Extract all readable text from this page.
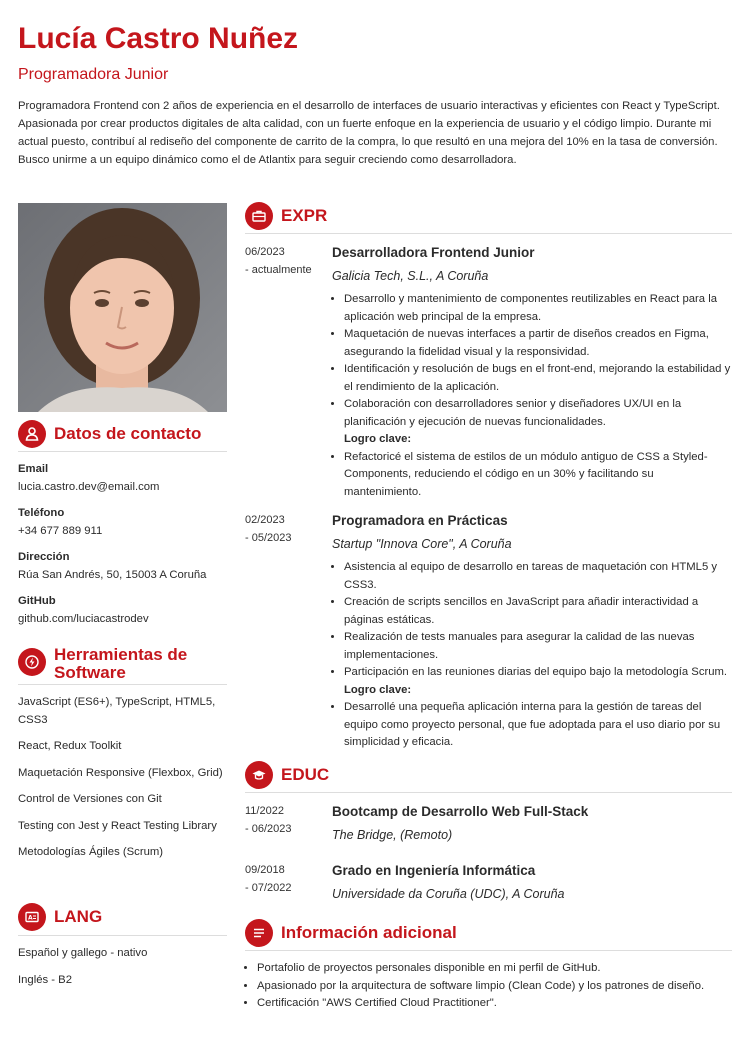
Lucía Castro Nuñez
Programadora Junior
Programadora Frontend con 2 años de experiencia en el desarrollo de interfaces de usuario interactivas y eficientes con React y TypeScript. Apasionada por crear productos digitales de alta calidad, con un fuerte enfoque en la experiencia de usuario y el código limpio. Durante mi actual puesto, contribuí al rediseño del componente de carrito de la compra, lo que resultó en una mejora del 10% en la tasa de conversión. Busco unirme a un equipo dinámico como el de Atlantix para seguir creciendo como desarrolladora.
Datos de contacto
Email
lucia.castro.dev@email.com
Teléfono
+34 677 889 911
Dirección
Rúa San Andrés, 50, 15003 A Coruña
GitHub
github.com/luciacastrodev
Herramientas de Software
JavaScript (ES6+), TypeScript, HTML5, CSS3
React, Redux Toolkit
Maquetación Responsive (Flexbox, Grid)
Control de Versiones con Git
Testing con Jest y React Testing Library
Metodologías Ágiles (Scrum)
A LANG
Español y gallego - nativo
Inglés - B2
EXPR
06/2023
- actualmente
Desarrolladora Frontend Junior
Galicia Tech, S.L., A Coruña
• Desarrollo y mantenimiento de componentes reutilizables en React para la aplicación web principal de la empresa.
• Maquetación de nuevas interfaces a partir de diseños creados en Figma, asegurando la fidelidad visual y la responsividad.
• Identificación y resolución de bugs en el front-end, mejorando la estabilidad y el rendimiento de la aplicación.
• Colaboración con desarrolladores senior y diseñadores UX/UI en la planificación y ejecución de nuevas funcionalidades.
Logro clave:
• Refactoricé el sistema de estilos de un módulo antiguo de CSS a Styled-Components, reduciendo el código en un 30% y facilitando su mantenimiento.
02/2023
- 05/2023
Programadora en Prácticas
Startup "Innova Core", A Coruña
• Asistencia al equipo de desarrollo en tareas de maquetación con HTML5 y CSS3.
• Creación de scripts sencillos en JavaScript para añadir interactividad a páginas estáticas.
• Realización de tests manuales para asegurar la calidad de las nuevas implementaciones.
• Participación en las reuniones diarias del equipo bajo la metodología Scrum.
Logro clave:
• Desarrollé una pequeña aplicación interna para la gestión de tareas del equipo como proyecto personal, que fue adoptada para el uso diario por su simplicidad y eficacia.
EDUC
11/2022
- 06/2023
Bootcamp de Desarrollo Web Full-Stack
The Bridge, (Remoto)
09/2018
- 07/2022
Grado en Ingeniería Informática
Universidade da Coruña (UDC), A Coruña
Información adicional
• Portafolio de proyectos personales disponible en mi perfil de GitHub.
• Apasionado por la arquitectura de software limpio (Clean Code) y los patrones de diseño.
• Certificación "AWS Certified Cloud Practitioner".
